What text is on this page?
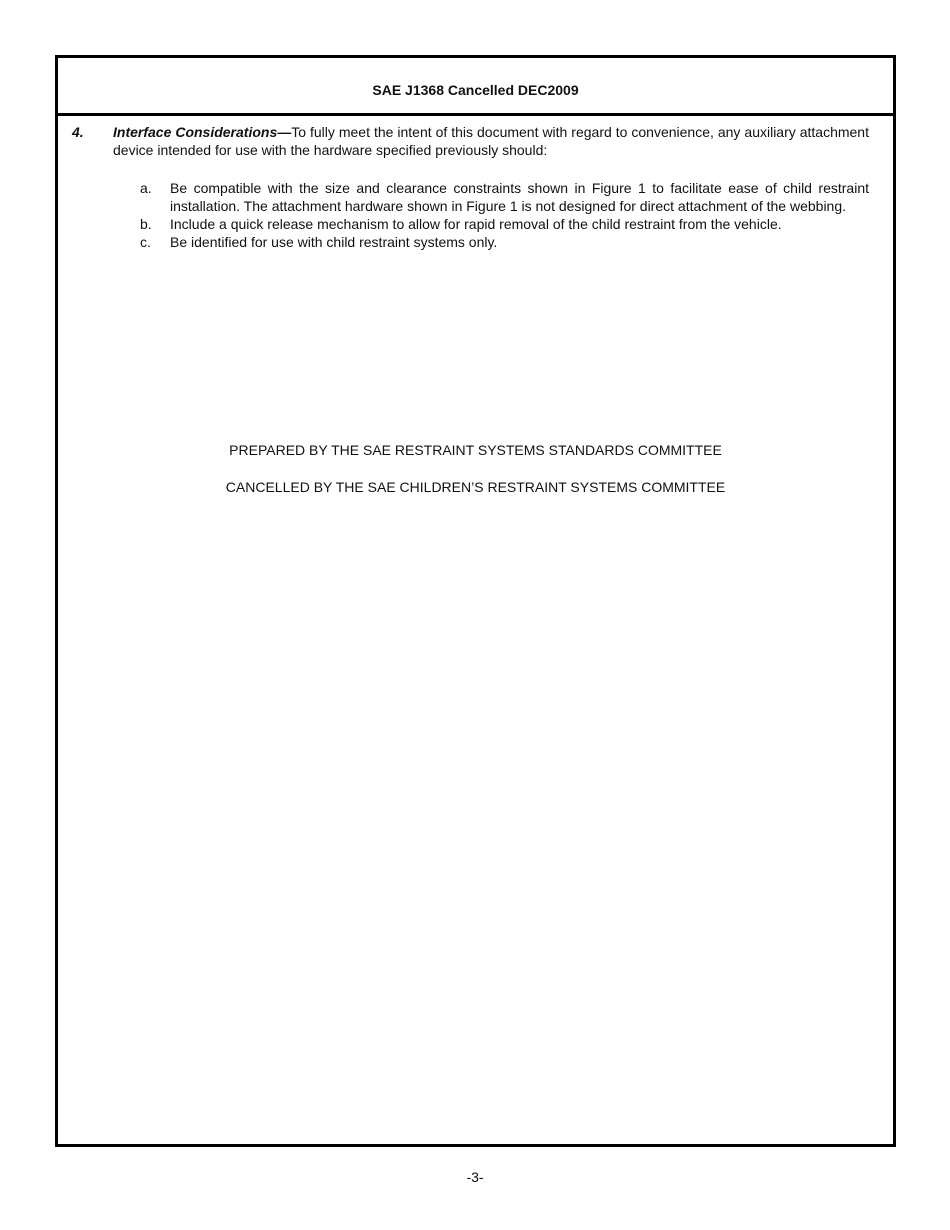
SAE J1368 Cancelled DEC2009
4. Interface Considerations—To fully meet the intent of this document with regard to convenience, any auxiliary attachment device intended for use with the hardware specified previously should:
a.	Be compatible with the size and clearance constraints shown in Figure 1 to facilitate ease of child restraint installation. The attachment hardware shown in Figure 1 is not designed for direct attachment of the webbing.
b.	Include a quick release mechanism to allow for rapid removal of the child restraint from the vehicle.
c.	Be identified for use with child restraint systems only.
PREPARED BY THE SAE RESTRAINT SYSTEMS STANDARDS COMMITTEE
CANCELLED BY THE SAE CHILDREN’S RESTRAINT SYSTEMS COMMITTEE
-3-
